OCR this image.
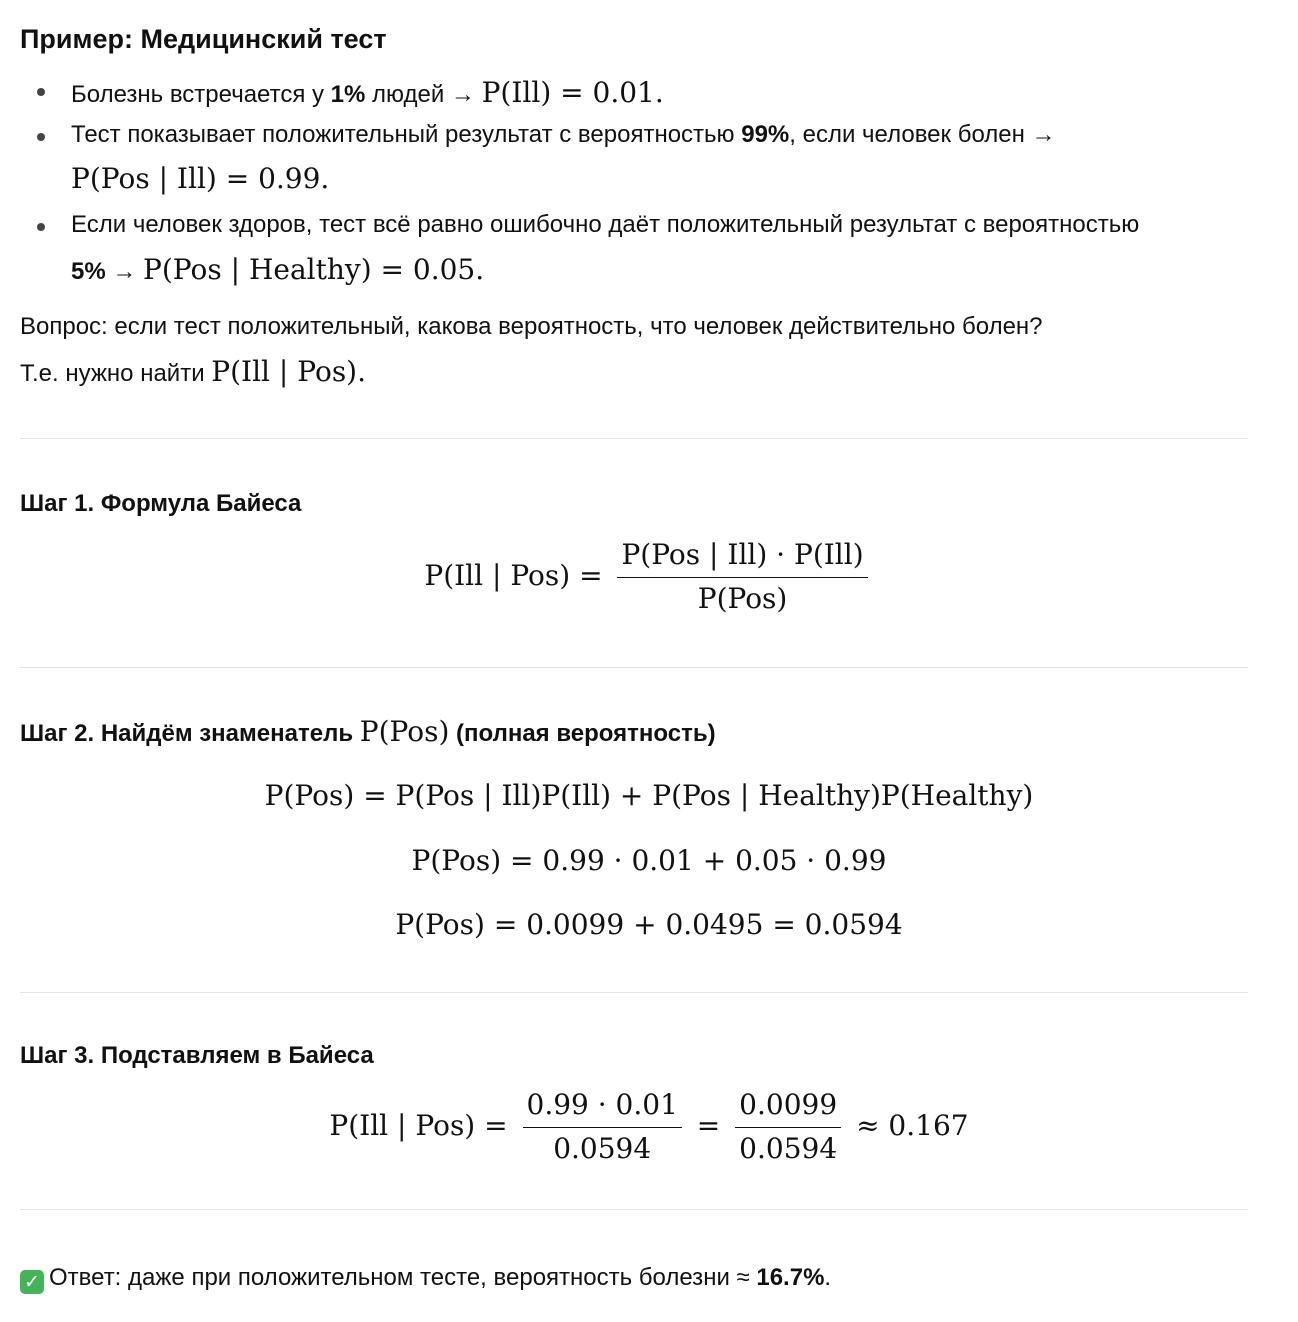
Пример: Медицинский тест
Болезнь встречается у 1% людей → P(Ill) = 0.01.
Тест показывает положительный результат с вероятностью 99%, если человек болен →
P(Pos | Ill) = 0.99.
Если человек здоров, тест всё равно ошибочно даёт положительный результат с вероятностью
5% → P(Pos | Healthy) = 0.05.
Вопрос: если тест положительный, какова вероятность, что человек действительно болен?
Т.е. нужно найти P(Ill | Pos).
Шаг 1. Формула Байеса
P(Ill | $Pos) = \frac{\text{P(Pos | Ill) · P(Ill)}}{\text{P(Pos)}}$
Шаг 2. Найдём знаменатель P(Pos) (полная вероятность)
P(Pos) = P(Pos | Ill)P(Ill) + P(Pos | Healthy)P(Healthy)
P(Pos) = 0.99 · 0.01 + 0.05 · 0.99
P(Pos) = 0.0099 + 0.0495 = 0.0594
Шаг 3. Подставляем в Байеса
P(Ill | $Pos) = \frac{0.99 \cdot 0.01}{0.0594} = \frac{0.0099}{0.0594} \approx 0.167$
✓ Ответ: даже при положительном тесте, вероятность болезни ≈ 16.7%.
